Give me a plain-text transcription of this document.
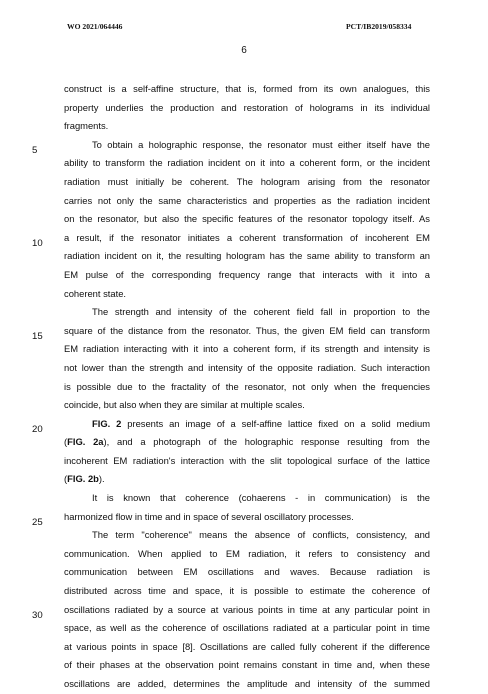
WO 2021/064446	PCT/IB2019/058334
6
5
10
15
20
25
30
construct is a self-affine structure, that is, formed from its own analogues, this
property underlies the production and restoration of holograms in its individual
fragments.
To obtain a holographic response, the resonator must either itself have the
ability to transform the radiation incident on it into a coherent form, or the incident
radiation must initially be coherent. The hologram arising from the resonator
carries not only the same characteristics and properties as the radiation incident
on the resonator, but also the specific features of the resonator topology itself. As
a result, if the resonator initiates a coherent transformation of incoherent EM
radiation incident on it, the resulting hologram has the same ability to transform an
EM pulse of the corresponding frequency range that interacts with it into a
coherent state.
The strength and intensity of the coherent field fall in proportion to the
square of the distance from the resonator. Thus, the given EM field can transform
EM radiation interacting with it into a coherent form, if its strength and intensity is
not lower than the strength and intensity of the opposite radiation. Such interaction
is possible due to the fractality of the resonator, not only when the frequencies
coincide, but also when they are similar at multiple scales.
FIG. 2 presents an image of a self-affine lattice fixed on a solid medium
(FIG. 2a), and a photograph of the holographic response resulting from the
incoherent EM radiation's interaction with the slit topological surface of the lattice
(FIG. 2b).
It is known that coherence (cohaerens - in communication) is the
harmonized flow in time and in space of several oscillatory processes.
The term "coherence" means the absence of conflicts, consistency, and
communication. When applied to EM radiation, it refers to consistency and
communication between EM oscillations and waves. Because radiation is
distributed across time and space, it is possible to estimate the coherence of
oscillations radiated by a source at various points in time at any particular point in
space, as well as the coherence of oscillations radiated at a particular point in time
at various points in space [8]. Oscillations are called fully coherent if the difference
of their phases at the observation point remains constant in time and, when these
oscillations are added, determines the amplitude and intensity of the summed
